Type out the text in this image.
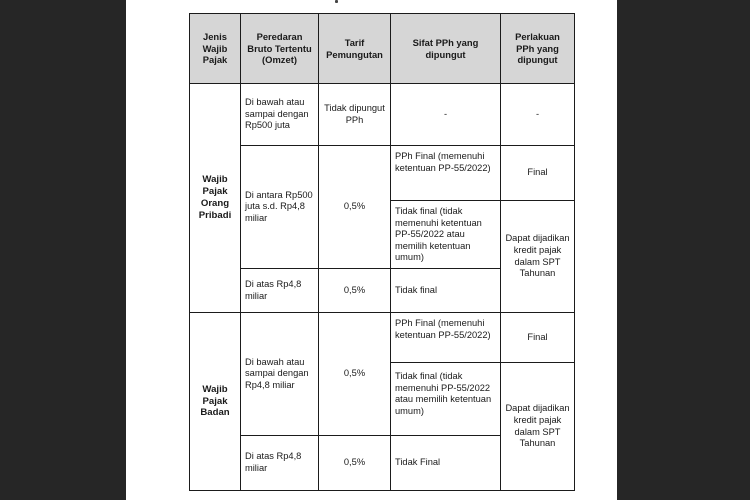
Jenis Wajib Pajak	Peredaran Bruto Tertentu (Omzet)	Tarif Pemungutan	Sifat PPh yang dipungut	Perlakuan PPh yang dipungut
Wajib Pajak Orang Pribadi	Di bawah atau sampai dengan Rp500 juta	Tidak dipungut PPh	-	-
	Di antara Rp500 juta s.d. Rp4,8 miliar	0,5%	PPh Final (memenuhi ketentuan PP-55/2022)	Final
			Tidak final (tidak memenuhi ketentuan PP-55/2022 atau memilih ketentuan umum)	Dapat dijadikan kredit pajak dalam SPT Tahunan
	Di atas Rp4,8 miliar	0,5%	Tidak final	
Wajib Pajak Badan	Di bawah atau sampai dengan Rp4,8 miliar	0,5%	PPh Final (memenuhi ketentuan PP-55/2022)	Final
			Tidak final (tidak memenuhi PP-55/2022 atau memilih ketentuan umum)	Dapat dijadikan kredit pajak dalam SPT Tahunan
	Di atas Rp4,8 miliar	0,5%	Tidak Final	
